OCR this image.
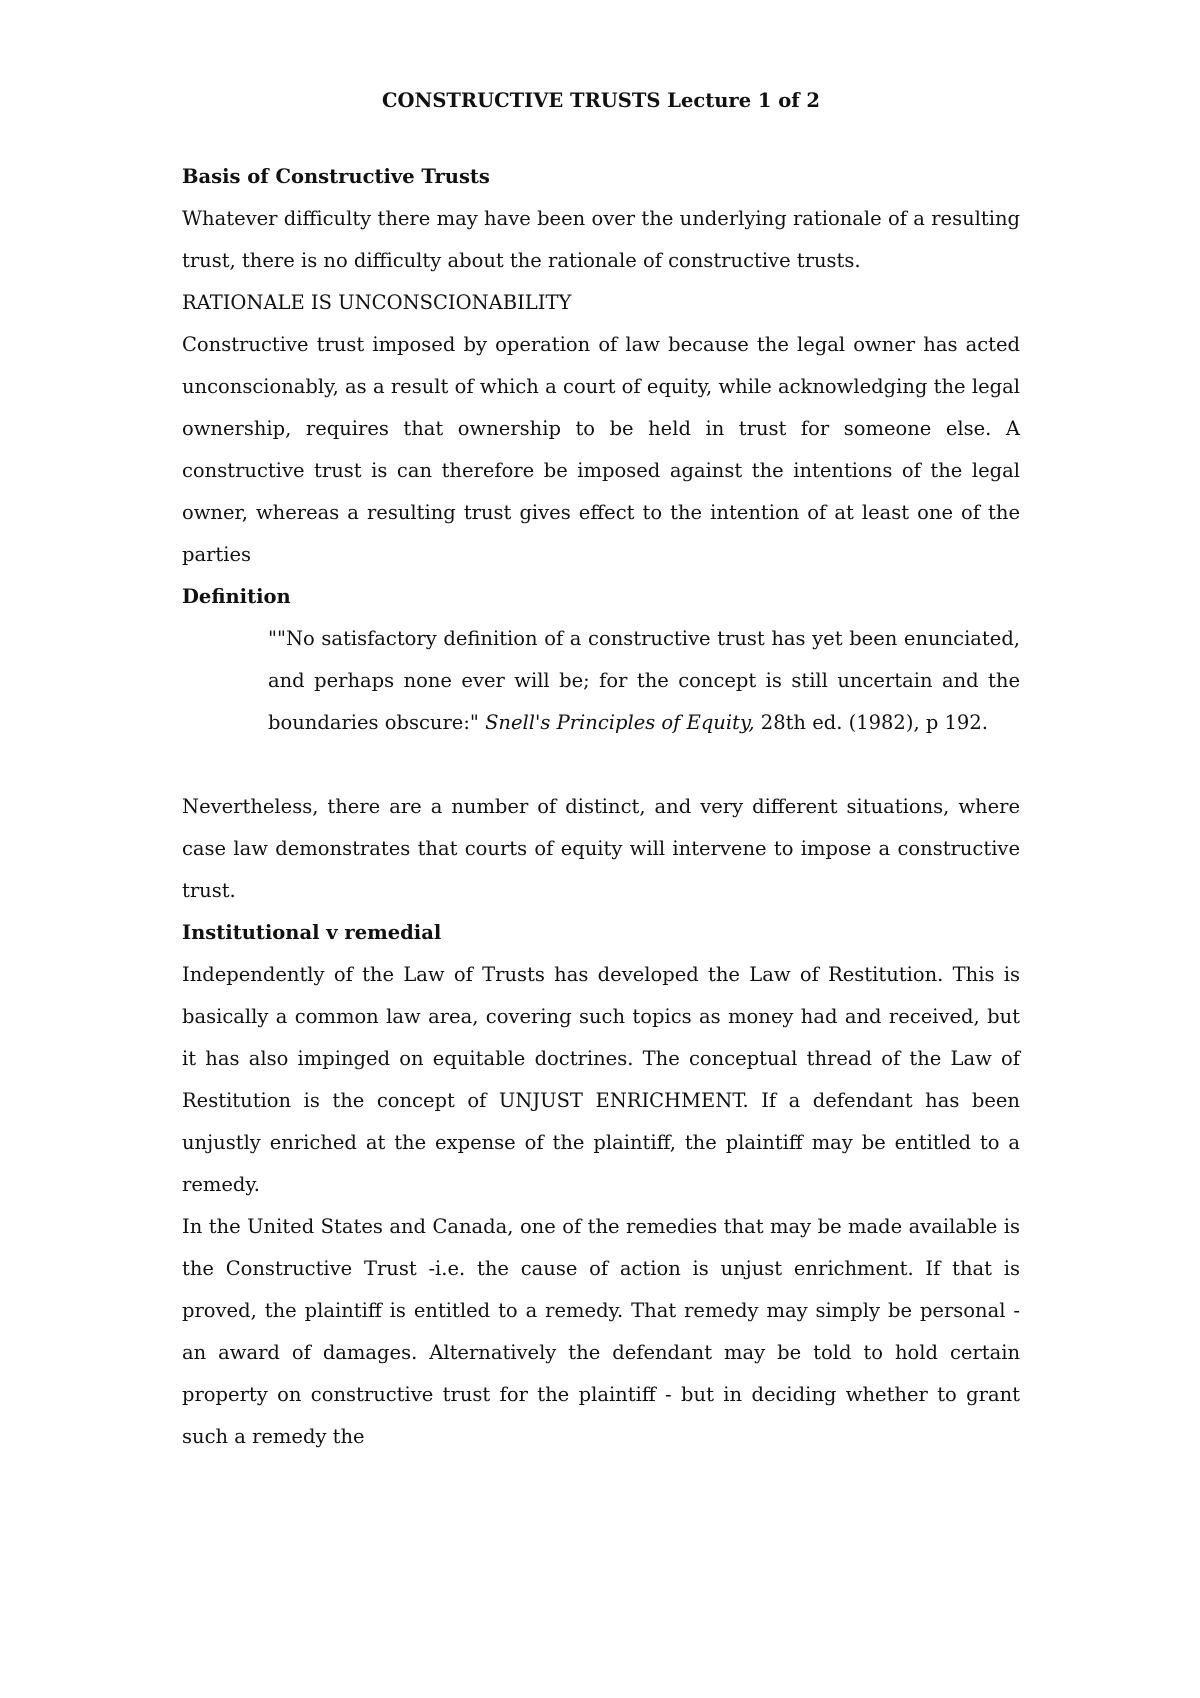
CONSTRUCTIVE TRUSTS Lecture 1 of 2
Basis of Constructive Trusts

Whatever difficulty there may have been over the underlying rationale of a resulting trust, there is no difficulty about the rationale of constructive trusts.

RATIONALE IS UNCONSCIONABILITY

Constructive trust imposed by operation of law because the legal owner has acted unconscionably, as a result of which a court of equity, while acknowledging the legal ownership, requires that ownership to be held in trust for someone else. A constructive trust is can therefore be imposed against the intentions of the legal owner, whereas a resulting trust gives effect to the intention of at least one of the parties

Definition

""No satisfactory definition of a constructive trust has yet been enunciated, and perhaps none ever will be; for the concept is still uncertain and the boundaries obscure:" Snell's Principles of Equity, 28th ed. (1982), p 192.

Nevertheless, there are a number of distinct, and very different situations, where case law demonstrates that courts of equity will intervene to impose a constructive trust.

Institutional v remedial

Independently of the Law of Trusts has developed the Law of Restitution. This is basically a common law area, covering such topics as money had and received, but it has also impinged on equitable doctrines. The conceptual thread of the Law of Restitution is the concept of UNJUST ENRICHMENT. If a defendant has been unjustly enriched at the expense of the plaintiff, the plaintiff may be entitled to a remedy.

In the United States and Canada, one of the remedies that may be made available is the Constructive Trust -i.e. the cause of action is unjust enrichment. If that is proved, the plaintiff is entitled to a remedy. That remedy may simply be personal - an award of damages. Alternatively the defendant may be told to hold certain property on constructive trust for the plaintiff - but in deciding whether to grant such a remedy the
